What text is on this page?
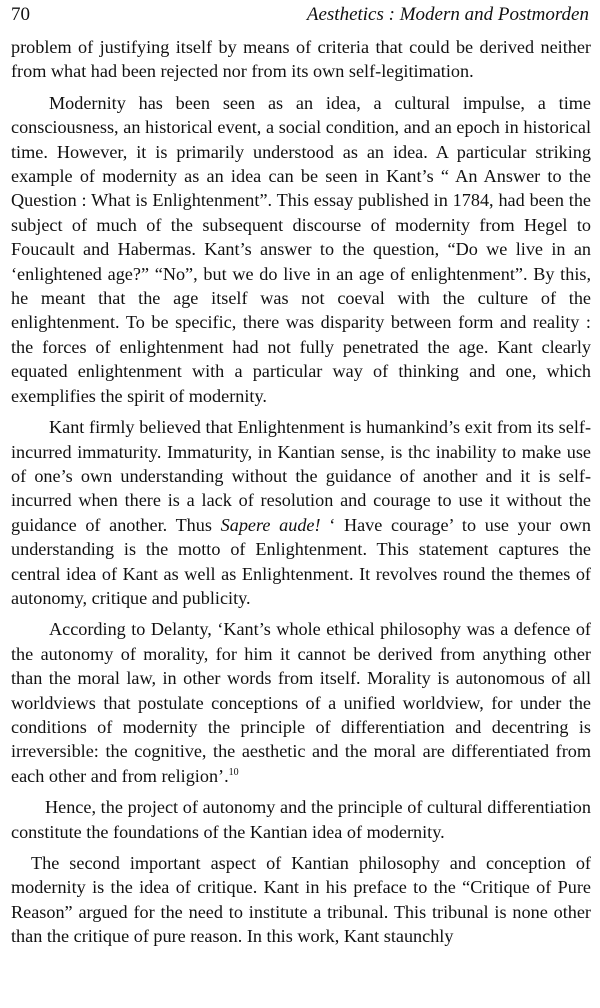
70	Aesthetics : Modern and Postmorden

problem of justifying itself by means of criteria that could be derived neither from what had been rejected nor from its own self-legitimation.

Modernity has been seen as an idea, a cultural impulse, a time consciousness, an historical event, a social condition, and an epoch in historical time. However, it is primarily understood as an idea. A particular striking example of modernity as an idea can be seen in Kant’s “ An Answer to the Question : What is Enlightenment”. This essay published in 1784, had been the subject of much of the subsequent discourse of modernity from Hegel to Foucault and Habermas. Kant’s answer to the question, “Do we live in an ‘enlightened age?” “No”, but we do live in an age of enlightenment”. By this, he meant that the age itself was not coeval with the culture of the enlightenment. To be specific, there was disparity between form and reality : the forces of enlightenment had not fully penetrated the age. Kant clearly equated enlightenment with a particular way of thinking and one, which exemplifies the spirit of modernity.

Kant firmly believed that Enlightenment is humankind’s exit from its self-incurred immaturity. Immaturity, in Kantian sense, is thc inability to make use of one’s own understanding without the guidance of another and it is self-incurred when there is a lack of resolution and courage to use it without the guidance of another. Thus Sapere aude! ‘ Have courage’ to use your own understanding is the motto of Enlightenment. This statement captures the central idea of Kant as well as Enlightenment. It revolves round the themes of autonomy, critique and publicity.

According to Delanty, ‘Kant’s whole ethical philosophy was a defence of the autonomy of morality, for him it cannot be derived from anything other than the moral law, in other words from itself. Morality is autonomous of all worldviews that postulate conceptions of a unified worldview, for under the conditions of modernity the principle of differentiation and decentring is irreversible: the cognitive, the aesthetic and the moral are differentiated from each other and from religion’.$^{10}$

Hence, the project of autonomy and the principle of cultural differentiation constitute the foundations of the Kantian idea of modernity.

The second important aspect of Kantian philosophy and conception of modernity is the idea of critique. Kant in his preface to the “Critique of Pure Reason” argued for the need to institute a tribunal. This tribunal is none other than the critique of pure reason. In this work, Kant staunchly
